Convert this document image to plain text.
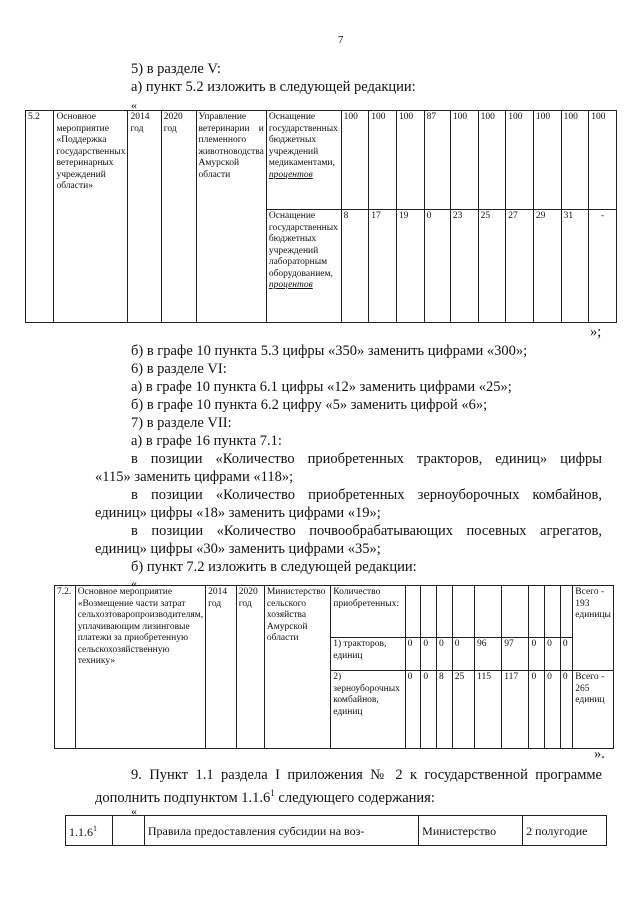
7
5) в разделе V:
а) пункт 5.2 изложить в следующей редакции:
«
5.2	Основное мероприятие «Поддержка государственных ветеринарных учреждений области»	2014 год	2020 год	Управление ветеринарии и племенного животноводства Амурской области	Оснащение государственных бюджетных учреждений медикаментами, процентов	100	100	100	87	100	100	100	100	100	100
					Оснащение государственных бюджетных учреждений лабораторным оборудованием, процентов	8	17	19	0	23	25	27	29	31	-
»;
б) в графе 10 пункта 5.3 цифры «350» заменить цифрами «300»;
6) в разделе VI:
а) в графе 10 пункта 6.1 цифры «12» заменить цифрами «25»;
б) в графе 10 пункта 6.2 цифру «5» заменить цифрой «6»;
7) в разделе VII:
а) в графе 16 пункта 7.1:
в позиции «Количество приобретенных тракторов, единиц» цифры
«115» заменить цифрами «118»;
в позиции «Количество приобретенных зерноуборочных комбайнов,
единиц» цифры «18» заменить цифрами «19»;
в позиции «Количество почвообрабатывающих посевных агрегатов,
единиц» цифры «30» заменить цифрами «35»;
б) пункт 7.2 изложить в следующей редакции:
«
7.2.	Основное мероприятие «Возмещение части затрат сельхозтоваропроизводителям, уплачивающим лизинговые платежи за приобретенную сельскохозяйственную технику»	2014 год	2020 год	Министерство сельского хозяйства Амурской области	Количество приобретенных:										Всего - 193 единицы
					1) тракторов, единиц	0	0	0	0	96	97	0	0	0	
					2) зерноуборочных комбайнов, единиц	0	0	8	25	115	117	0	0	0	Всего - 265 единиц
».
9. Пункт 1.1 раздела I приложения № 2 к государственной программе
дополнить подпунктом 1.1.6$^1$ следующего содержания:
«
1.1.6$^1$		Правила предоставления субсидии на воз-	Министерство	2 полугодие
